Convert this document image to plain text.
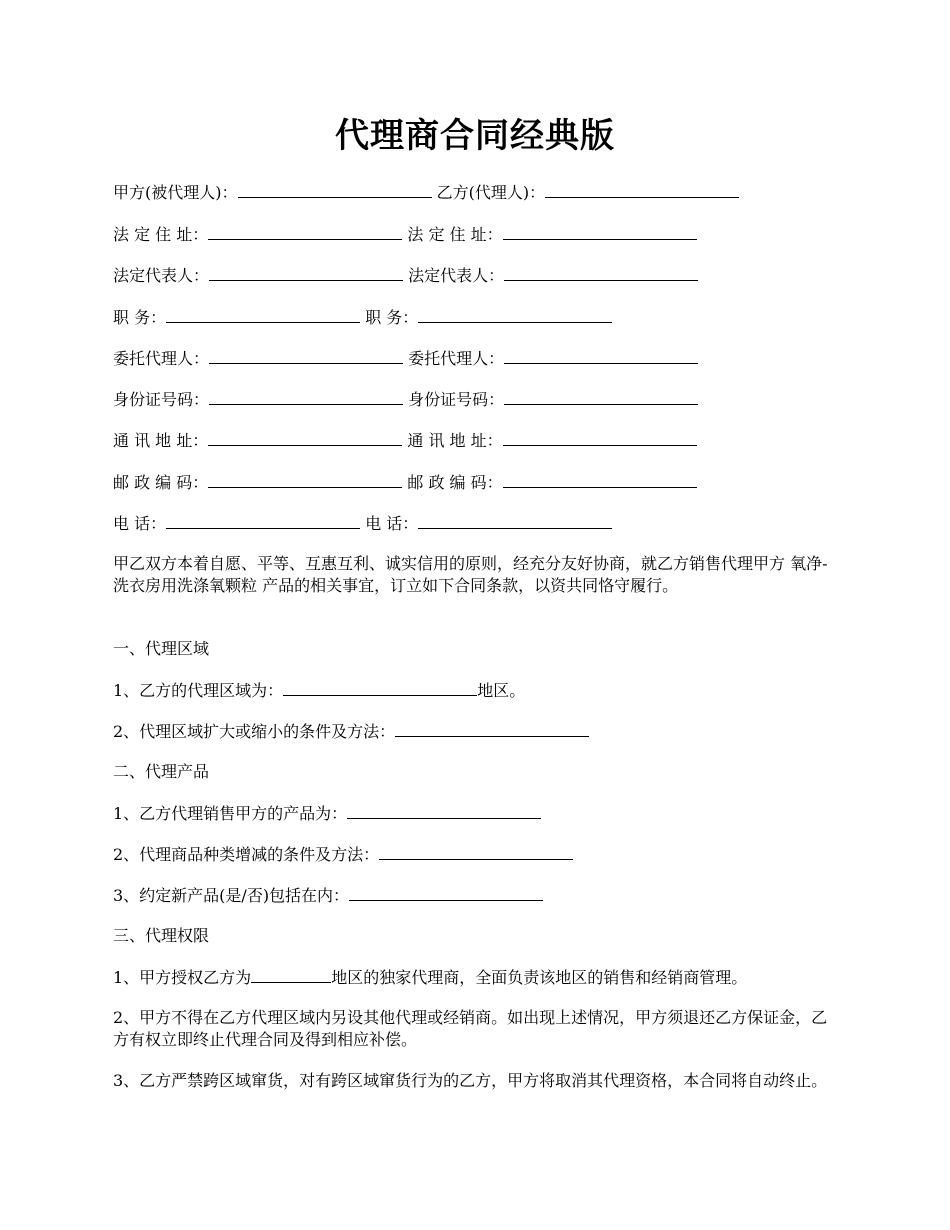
代理商合同经典版
甲方(被代理人)：	乙方(代理人)：
法 定 住 址：	法 定 住 址：
法定代表人：	法定代表人：
职 务：	职 务：
委托代理人：	委托代理人：
身份证号码：	身份证号码：
通 讯 地 址：	通 讯 地 址：
邮 政 编 码：	邮 政 编 码：
电 话：	电 话：
甲乙双方本着自愿、平等、互惠互利、诚实信用的原则，经充分友好协商，就乙方销售代理甲方 氧净-洗衣房用洗涤氧颗粒 产品的相关事宜，订立如下合同条款，以资共同恪守履行。
一、代理区域
1、乙方的代理区域为：	地区。
2、代理区域扩大或缩小的条件及方法：
二、代理产品
1、乙方代理销售甲方的产品为：
2、代理商品种类增减的条件及方法：
3、约定新产品(是/否)包括在内：
三、代理权限
1、甲方授权乙方为	地区的独家代理商，全面负责该地区的销售和经销商管理。
2、甲方不得在乙方代理区域内另设其他代理或经销商。如出现上述情况，甲方须退还乙方保证金，乙方有权立即终止代理合同及得到相应补偿。
3、乙方严禁跨区域窜货，对有跨区域窜货行为的乙方，甲方将取消其代理资格，本合同将自动终止。
